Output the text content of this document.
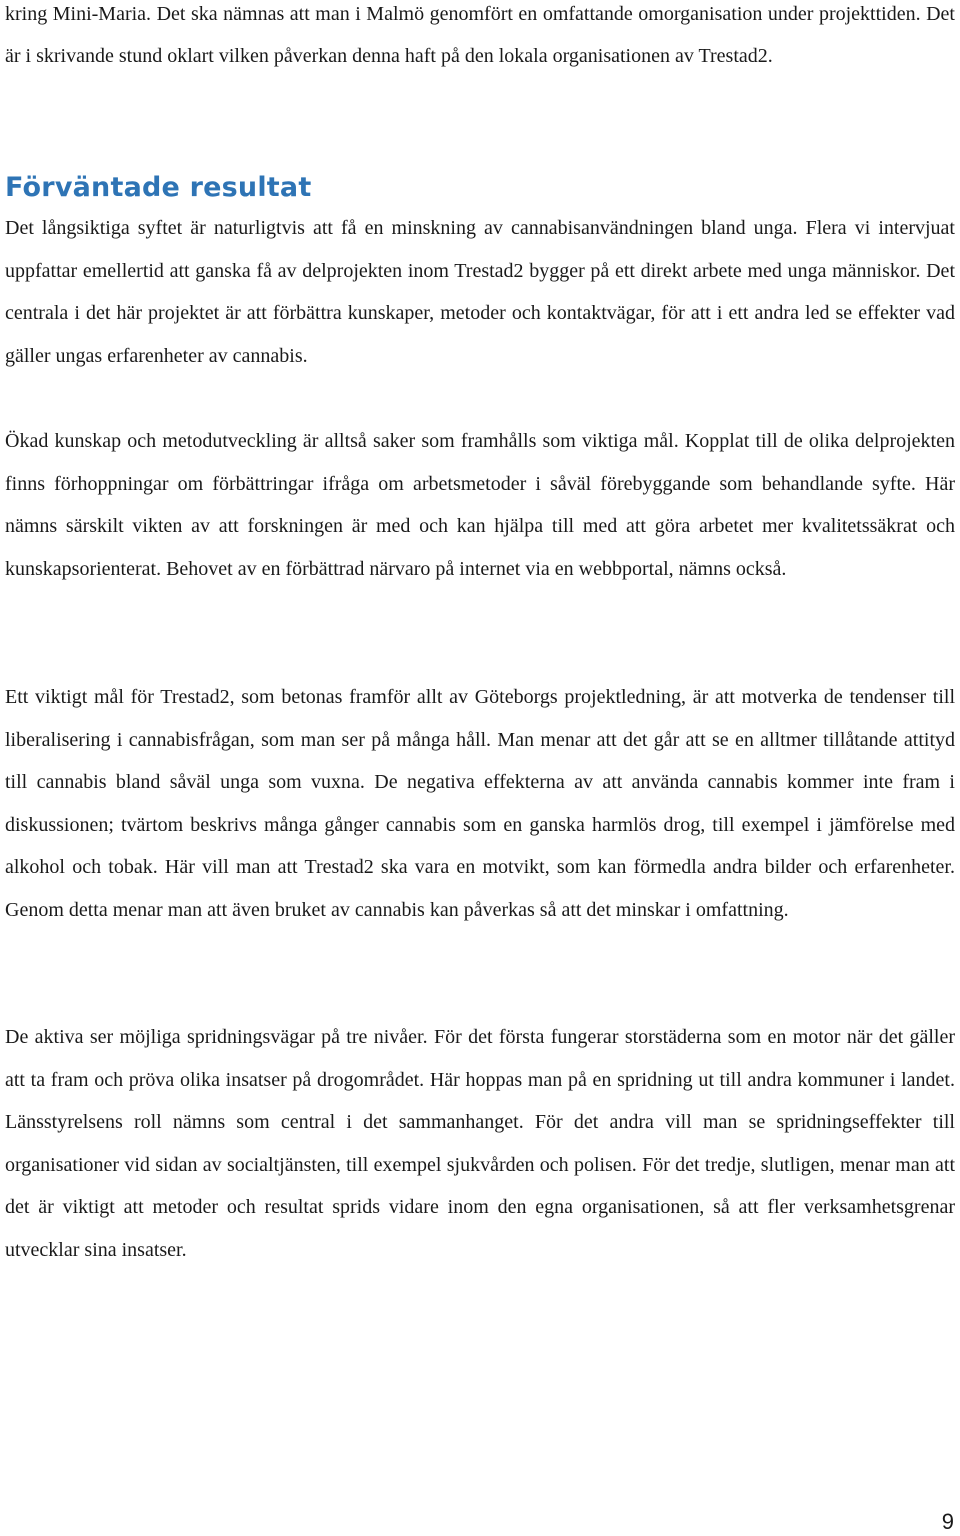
kring Mini-Maria. Det ska nämnas att man i Malmö genomfört en omfattande omorganisation under projekttiden. Det är i skrivande stund oklart vilken påverkan denna haft på den lokala organisationen av Trestad2.

Förväntade resultat

Det långsiktiga syftet är naturligtvis att få en minskning av cannabisanvändningen bland unga. Flera vi intervjuat uppfattar emellertid att ganska få av delprojekten inom Trestad2 bygger på ett direkt arbete med unga människor. Det centrala i det här projektet är att förbättra kunskaper, metoder och kontaktvägar, för att i ett andra led se effekter vad gäller ungas erfarenheter av cannabis.

Ökad kunskap och metodutveckling är alltså saker som framhålls som viktiga mål. Kopplat till de olika delprojekten finns förhoppningar om förbättringar ifråga om arbetsmetoder i såväl förebyggande som behandlande syfte. Här nämns särskilt vikten av att forskningen är med och kan hjälpa till med att göra arbetet mer kvalitetssäkrat och kunskapsorienterat. Behovet av en förbättrad närvaro på internet via en webbportal, nämns också.

Ett viktigt mål för Trestad2, som betonas framför allt av Göteborgs projektledning, är att motverka de tendenser till liberalisering i cannabisfrågan, som man ser på många håll. Man menar att det går att se en alltmer tillåtande attityd till cannabis bland såväl unga som vuxna. De negativa effekterna av att använda cannabis kommer inte fram i diskussionen; tvärtom beskrivs många gånger cannabis som en ganska harmlös drog, till exempel i jämförelse med alkohol och tobak. Här vill man att Trestad2 ska vara en motvikt, som kan förmedla andra bilder och erfarenheter. Genom detta menar man att även bruket av cannabis kan påverkas så att det minskar i omfattning.

De aktiva ser möjliga spridningsvägar på tre nivåer. För det första fungerar storstäderna som en motor när det gäller att ta fram och pröva olika insatser på drogområdet. Här hoppas man på en spridning ut till andra kommuner i landet. Länsstyrelsens roll nämns som central i det sammanhanget. För det andra vill man se spridningseffekter till organisationer vid sidan av socialtjänsten, till exempel sjukvården och polisen. För det tredje, slutligen, menar man att det är viktigt att metoder och resultat sprids vidare inom den egna organisationen, så att fler verksamhetsgrenar utvecklar sina insatser.

9
